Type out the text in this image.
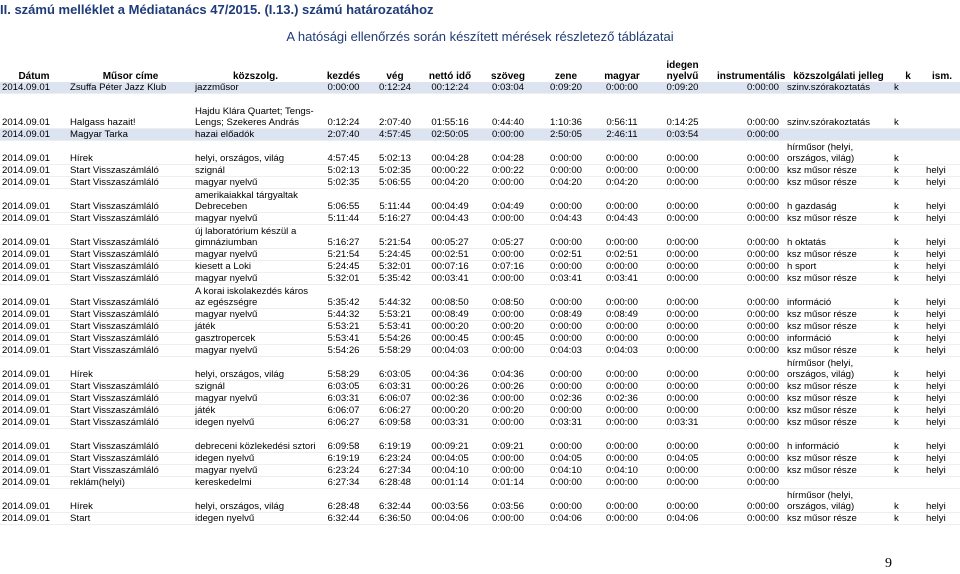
II. számú melléklet a Médiatanács 47/2015. (I.13.) számú határozatához
A hatósági ellenőrzés során készített mérések részletező táblázatai
Dátum	Műsor címe	közszolg.	kezdés	vég	nettó idő	szöveg	zene	magyar	idegen nyelvű	instrumentális	közszolgálati jelleg	k	ism.
2014.09.01	Zsuffa Péter Jazz Klub	jazzműsor	0:00:00	0:12:24	00:12:24	0:03:04	0:09:20	0:00:00	0:09:20	0:00:00	szinv.szórakoztatás	k	
2014.09.01	Halgass hazait!	Hajdu Klára Quartet; Tengs-Lengs; Szekeres András	0:12:24	2:07:40	01:55:16	0:44:40	1:10:36	0:56:11	0:14:25	0:00:00	szinv.szórakoztatás	k	
2014.09.01	Magyar Tarka	hazai előadók	2:07:40	4:57:45	02:50:05	0:00:00	2:50:05	2:46:11	0:03:54	0:00:00			
2014.09.01	Hírek	helyi, országos, világ	4:57:45	5:02:13	00:04:28	0:04:28	0:00:00	0:00:00	0:00:00	0:00:00	hírműsor (helyi, országos, világ)	k	
2014.09.01	Start Visszaszámláló	szignál	5:02:13	5:02:35	00:00:22	0:00:22	0:00:00	0:00:00	0:00:00	0:00:00	ksz műsor része	k	helyi
2014.09.01	Start Visszaszámláló	magyar nyelvű	5:02:35	5:06:55	00:04:20	0:00:00	0:04:20	0:04:20	0:00:00	0:00:00	ksz műsor része	k	helyi
2014.09.01	Start Visszaszámláló	amerikaiakkal tárgyaltak Debreceben	5:06:55	5:11:44	00:04:49	0:04:49	0:00:00	0:00:00	0:00:00	0:00:00	h gazdaság	k	helyi
2014.09.01	Start Visszaszámláló	magyar nyelvű	5:11:44	5:16:27	00:04:43	0:00:00	0:04:43	0:04:43	0:00:00	0:00:00	ksz műsor része	k	helyi
2014.09.01	Start Visszaszámláló	új laboratórium készül a gimnáziumban	5:16:27	5:21:54	00:05:27	0:05:27	0:00:00	0:00:00	0:00:00	0:00:00	h oktatás	k	helyi
2014.09.01	Start Visszaszámláló	magyar nyelvű	5:21:54	5:24:45	00:02:51	0:00:00	0:02:51	0:02:51	0:00:00	0:00:00	ksz műsor része	k	helyi
2014.09.01	Start Visszaszámláló	kiesett a Loki	5:24:45	5:32:01	00:07:16	0:07:16	0:00:00	0:00:00	0:00:00	0:00:00	h sport	k	helyi
2014.09.01	Start Visszaszámláló	magyar nyelvű	5:32:01	5:35:42	00:03:41	0:00:00	0:03:41	0:03:41	0:00:00	0:00:00	ksz műsor része	k	helyi
2014.09.01	Start Visszaszámláló	A korai iskolakezdés káros az egészségre	5:35:42	5:44:32	00:08:50	0:08:50	0:00:00	0:00:00	0:00:00	0:00:00	információ	k	helyi
2014.09.01	Start Visszaszámláló	magyar nyelvű	5:44:32	5:53:21	00:08:49	0:00:00	0:08:49	0:08:49	0:00:00	0:00:00	ksz műsor része	k	helyi
2014.09.01	Start Visszaszámláló	játék	5:53:21	5:53:41	00:00:20	0:00:20	0:00:00	0:00:00	0:00:00	0:00:00	ksz műsor része	k	helyi
2014.09.01	Start Visszaszámláló	gasztropercek	5:53:41	5:54:26	00:00:45	0:00:45	0:00:00	0:00:00	0:00:00	0:00:00	információ	k	helyi
2014.09.01	Start Visszaszámláló	magyar nyelvű	5:54:26	5:58:29	00:04:03	0:00:00	0:04:03	0:04:03	0:00:00	0:00:00	ksz műsor része	k	helyi
2014.09.01	Hírek	helyi, országos, világ	5:58:29	6:03:05	00:04:36	0:04:36	0:00:00	0:00:00	0:00:00	0:00:00	hírműsor (helyi, országos, világ)	k	helyi
2014.09.01	Start Visszaszámláló	szignál	6:03:05	6:03:31	00:00:26	0:00:26	0:00:00	0:00:00	0:00:00	0:00:00	ksz műsor része	k	helyi
2014.09.01	Start Visszaszámláló	magyar nyelvű	6:03:31	6:06:07	00:02:36	0:00:00	0:02:36	0:02:36	0:00:00	0:00:00	ksz műsor része	k	helyi
2014.09.01	Start Visszaszámláló	játék	6:06:07	6:06:27	00:00:20	0:00:20	0:00:00	0:00:00	0:00:00	0:00:00	ksz műsor része	k	helyi
2014.09.01	Start Visszaszámláló	idegen nyelvű	6:06:27	6:09:58	00:03:31	0:00:00	0:03:31	0:00:00	0:03:31	0:00:00	ksz műsor része	k	helyi
2014.09.01	Start Visszaszámláló	debreceni közlekedési sztori	6:09:58	6:19:19	00:09:21	0:09:21	0:00:00	0:00:00	0:00:00	0:00:00	h információ	k	helyi
2014.09.01	Start Visszaszámláló	idegen nyelvű	6:19:19	6:23:24	00:04:05	0:00:00	0:04:05	0:00:00	0:04:05	0:00:00	ksz műsor része	k	helyi
2014.09.01	Start Visszaszámláló	magyar nyelvű	6:23:24	6:27:34	00:04:10	0:00:00	0:04:10	0:04:10	0:00:00	0:00:00	ksz műsor része	k	helyi
2014.09.01	reklám(helyi)	kereskedelmi	6:27:34	6:28:48	00:01:14	0:01:14	0:00:00	0:00:00	0:00:00	0:00:00			
2014.09.01	Hírek	helyi, országos, világ	6:28:48	6:32:44	00:03:56	0:03:56	0:00:00	0:00:00	0:00:00	0:00:00	hírműsor (helyi, országos, világ)	k	helyi
2014.09.01	Start	idegen nyelvű	6:32:44	6:36:50	00:04:06	0:00:00	0:04:06	0:00:00	0:04:06	0:00:00	ksz műsor része	k	helyi
9
